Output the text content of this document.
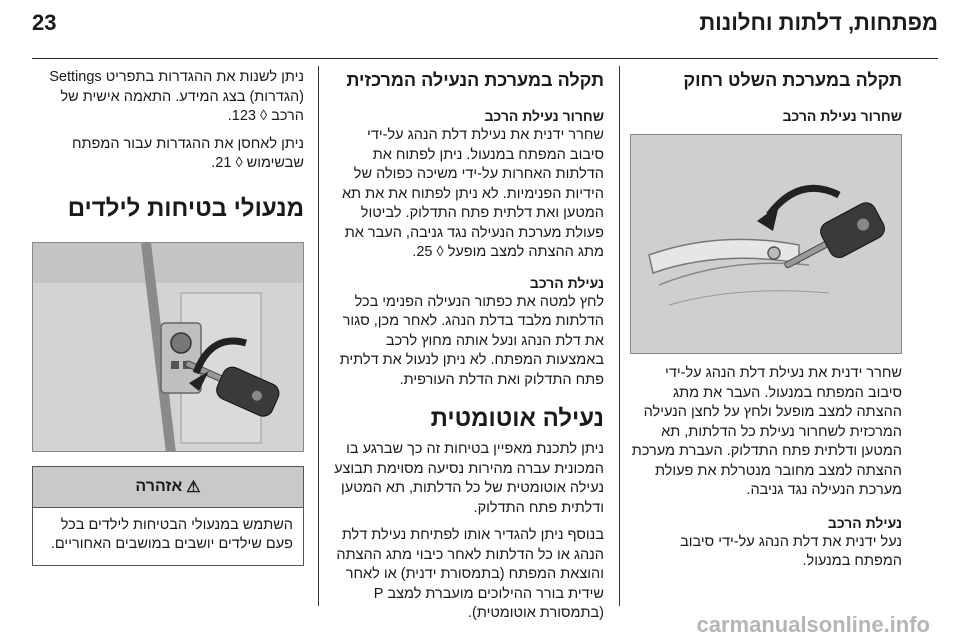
23	מפתחות, דלתות וחלונות
תקלה במערכת השלט רחוק
שחרור נעילת הרכב

שחרר ידנית את נעילת דלת הנהג על-ידי סיבוב המפתח במנעול. העבר את מתג ההצתה למצב מופעל ולחץ על לחצן הנעילה המרכזית לשחרור נעילת כל הדלתות, תא המטען ודלתית פתח התדלוק. העברת מערכת ההצתה למצב מחובר מנטרלת את פעולת מערכת הנעילה נגד גניבה.

נעילת הרכב

נעל ידנית את דלת הנהג על-ידי סיבוב המפתח במנעול.

תקלה במערכת הנעילה המרכזית
שחרור נעילת הרכב

שחרר ידנית את נעילת דלת הנהג על-ידי סיבוב המפתח במנעול. ניתן לפתוח את הדלתות האחרות על-ידי משיכה כפולה של הידיות הפנימיות. לא ניתן לפתוח את את תא המטען ואת דלתית פתח התדלוק. לביטול פעולת מערכת הנעילה נגד גניבה, העבר את מתג ההצתה למצב מופעל ◊ 25.

נעילת הרכב

לחץ למטה את כפתור הנעילה הפנימי בכל הדלתות מלבד בדלת הנהג. לאחר מכן, סגור את דלת הנהג ונעל אותה מחוץ לרכב באמצעות המפתח. לא ניתן לנעול את דלתית פתח התדלוק ואת הדלת העורפית.

נעילה אוטומטית

ניתן לתכנת מאפיין בטיחות זה כך שברגע בו המכונית עברה מהירות נסיעה מסוימת תבוצע נעילה אוטומטית של כל הדלתות, תא המטען ודלתית פתח התדלוק.

בנוסף ניתן להגדיר אותו לפתיחת נעילת דלת הנהג או כל הדלתות לאחר כיבוי מתג ההצתה והוצאת המפתח (בתמסורת ידנית) או לאחר שידית בורר ההילוכים מועברת למצב P (בתמסורת אוטומטית).

ניתן לשנות את ההגדרות בתפריט Settings (הגדרות) בצג המידע. התאמה אישית של הרכב ◊ 123.

ניתן לאחסן את ההגדרות עבור המפתח שבשימוש ◊ 21.

מנעולי בטיחות לילדים
⚠
אזהרה

השתמש במנעולי הבטיחות לילדים בכל פעם שילדים יושבים במושבים האחוריים.

carmanualsonline.info
